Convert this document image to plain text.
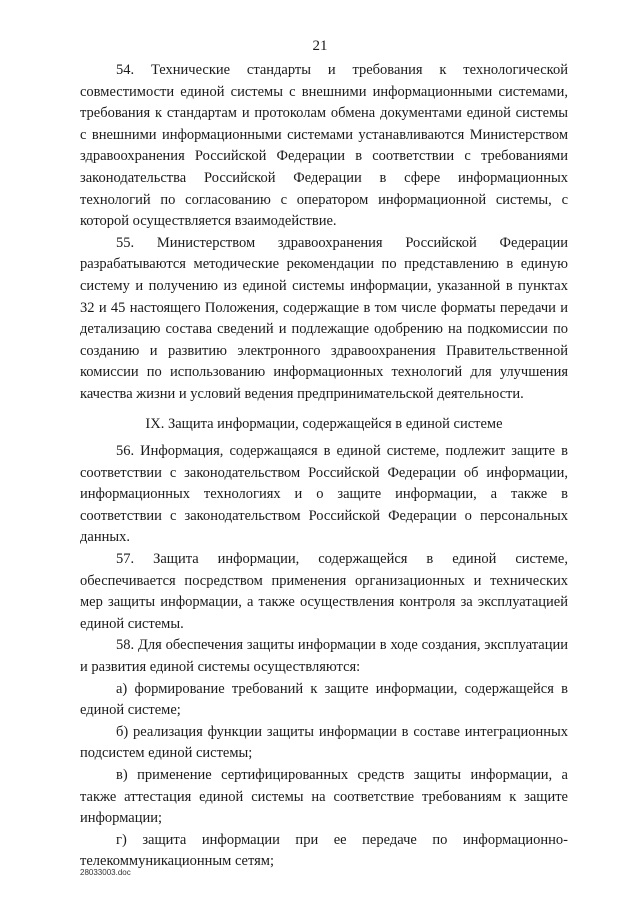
21

54. Технические стандарты и требования к технологической совместимости единой системы с внешними информационными системами, требования к стандартам и протоколам обмена документами единой системы с внешними информационными системами устанавливаются Министерством здравоохранения Российской Федерации в соответствии с требованиями законодательства Российской Федерации в сфере информационных технологий по согласованию с оператором информационной системы, с которой осуществляется взаимодействие.

55. Министерством здравоохранения Российской Федерации разрабатываются методические рекомендации по представлению в единую систему и получению из единой системы информации, указанной в пунктах 32 и 45 настоящего Положения, содержащие в том числе форматы передачи и детализацию состава сведений и подлежащие одобрению на подкомиссии по созданию и развитию электронного здравоохранения Правительственной комиссии по использованию информационных технологий для улучшения качества жизни и условий ведения предпринимательской деятельности.

IX. Защита информации, содержащейся в единой системе

56. Информация, содержащаяся в единой системе, подлежит защите в соответствии с законодательством Российской Федерации об информации, информационных технологиях и о защите информации, а также в соответствии с законодательством Российской Федерации о персональных данных.

57. Защита информации, содержащейся в единой системе, обеспечивается посредством применения организационных и технических мер защиты информации, а также осуществления контроля за эксплуатацией единой системы.

58. Для обеспечения защиты информации в ходе создания, эксплуатации и развития единой системы осуществляются:

а) формирование требований к защите информации, содержащейся в единой системе;

б) реализация функции защиты информации в составе интеграционных подсистем единой системы;

в) применение сертифицированных средств защиты информации, а также аттестация единой системы на соответствие требованиям к защите информации;

г) защита информации при ее передаче по информационно-телекоммуникационным сетям;

28033003.doc
